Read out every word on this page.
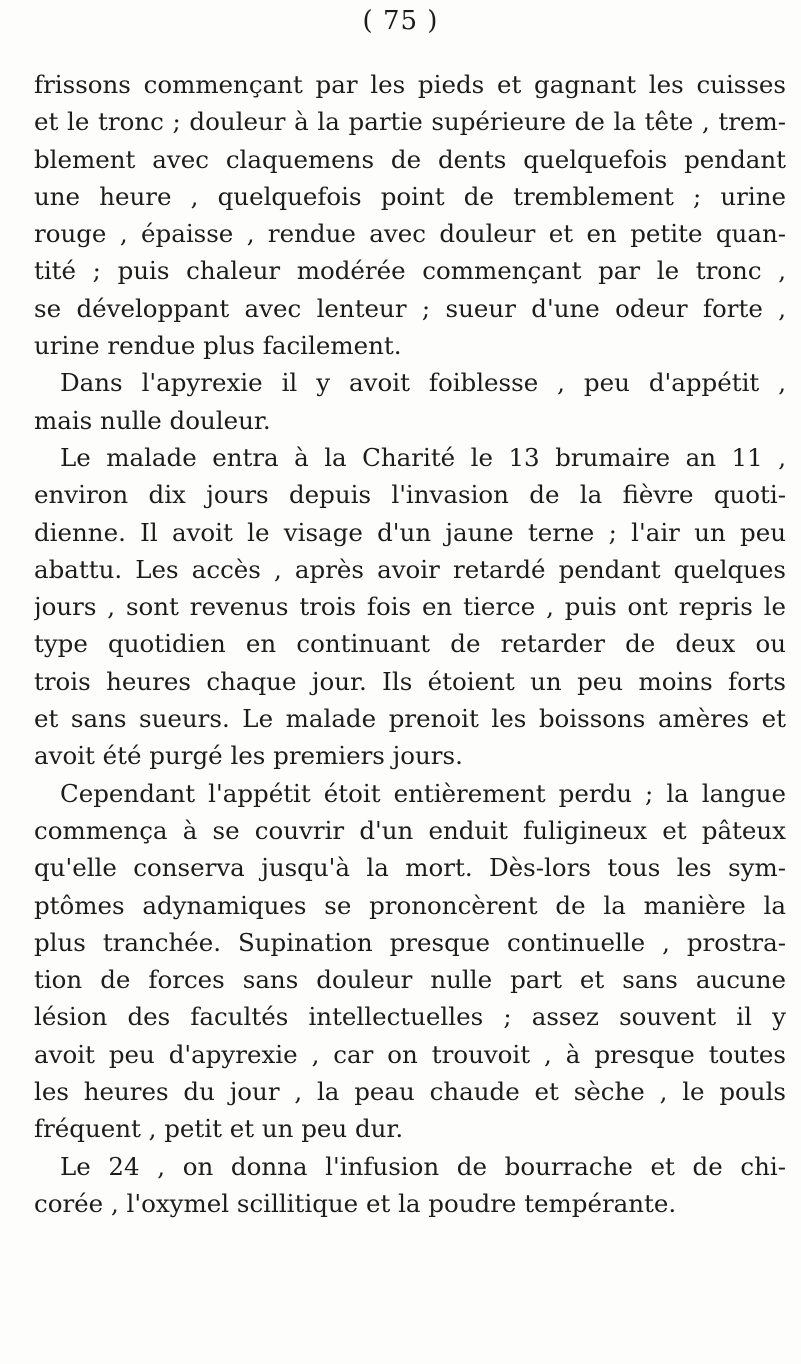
( 75 )
frissons commençant par les pieds et gagnant les cuisses
et le tronc ; douleur à la partie supérieure de la tête , trem-
blement avec claquemens de dents quelquefois pendant
une heure , quelquefois point de tremblement ; urine
rouge , épaisse , rendue avec douleur et en petite quan-
tité ; puis chaleur modérée commençant par le tronc ,
se développant avec lenteur ; sueur d'une odeur forte ,
urine rendue plus facilement.
Dans l'apyrexie il y avoit foiblesse , peu d'appétit ,
mais nulle douleur.
Le malade entra à la Charité le 13 brumaire an 11 ,
environ dix jours depuis l'invasion de la fièvre quoti-
dienne. Il avoit le visage d'un jaune terne ; l'air un peu
abattu. Les accès , après avoir retardé pendant quelques
jours , sont revenus trois fois en tierce , puis ont repris le
type quotidien en continuant de retarder de deux ou
trois heures chaque jour. Ils étoient un peu moins forts
et sans sueurs. Le malade prenoit les boissons amères et
avoit été purgé les premiers jours.
Cependant l'appétit étoit entièrement perdu ; la langue
commença à se couvrir d'un enduit fuligineux et pâteux
qu'elle conserva jusqu'à la mort. Dès-lors tous les sym-
ptômes adynamiques se prononcèrent de la manière la
plus tranchée. Supination presque continuelle , prostra-
tion de forces sans douleur nulle part et sans aucune
lésion des facultés intellectuelles ; assez souvent il y
avoit peu d'apyrexie , car on trouvoit , à presque toutes
les heures du jour , la peau chaude et sèche , le pouls
fréquent , petit et un peu dur.
Le 24 , on donna l'infusion de bourrache et de chi-
corée , l'oxymel scillitique et la poudre tempérante.
